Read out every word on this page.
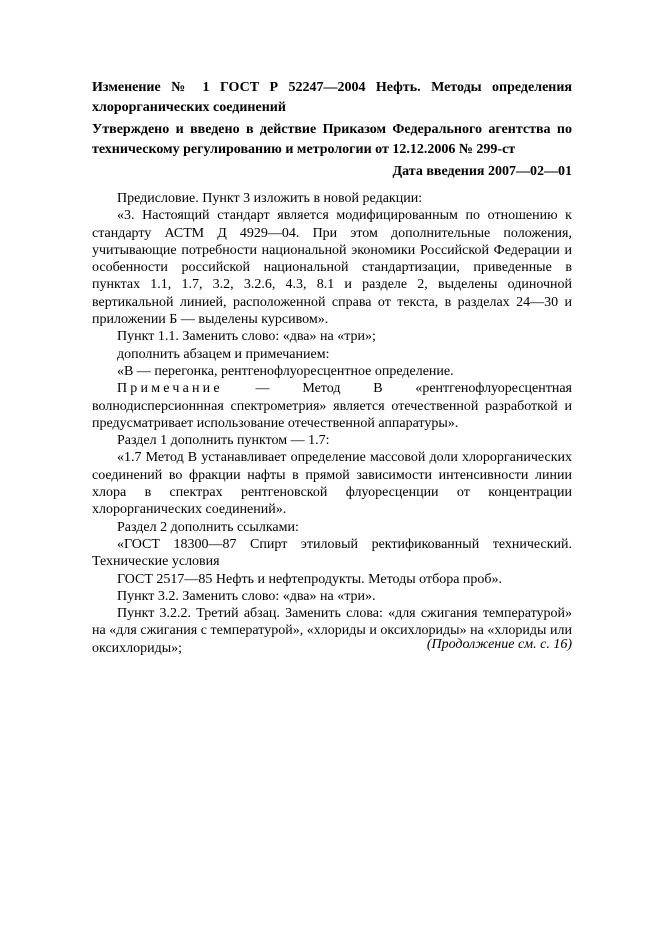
Изменение № 1 ГОСТ Р 52247—2004 Нефть. Методы определения хлорорганических соединений
Утверждено и введено в действие Приказом Федерального агентства по техническому регулированию и метрологии от 12.12.2006 № 299-ст
Дата введения 2007—02—01

Предисловие. Пункт 3 изложить в новой редакции:

«3. Настоящий стандарт является модифицированным по отношению к стандарту АСТМ Д 4929—04. При этом дополнительные положения, учитывающие потребности национальной экономики Российской Федерации и особенности российской национальной стандартизации, приведенные в пунктах 1.1, 1.7, 3.2, 3.2.6, 4.3, 8.1 и разделе 2, выделены одиночной вертикальной линией, расположенной справа от текста, в разделах 24—30 и приложении Б — выделены курсивом».

Пункт 1.1. Заменить слово: «два» на «три»;

дополнить абзацем и примечанием:

«В — перегонка, рентгенофлуоресцентное определение.

Примечание — Метод В «рентгенофлуоресцентная волнодисперсионнная спектрометрия» является отечественной разработкой и предусматривает использование отечественной аппаратуры».

Раздел 1 дополнить пунктом — 1.7:

«1.7 Метод В устанавливает определение массовой доли хлорорганических соединений во фракции нафты в прямой зависимости интенсивности линии хлора в спектрах рентгеновской флуоресценции от концентрации хлорорганических соединений».

Раздел 2 дополнить ссылками:

«ГОСТ 18300—87 Спирт этиловый ректификованный технический. Технические условия

ГОСТ 2517—85 Нефть и нефтепродукты. Методы отбора проб».

Пункт 3.2. Заменить слово: «два» на «три».

Пункт 3.2.2. Третий абзац. Заменить слова: «для сжигания температурой» на «для сжигания с температурой», «хлориды и оксихлориды» на «хлориды или оксихлориды»;	(Продолжение см. с. 16)
